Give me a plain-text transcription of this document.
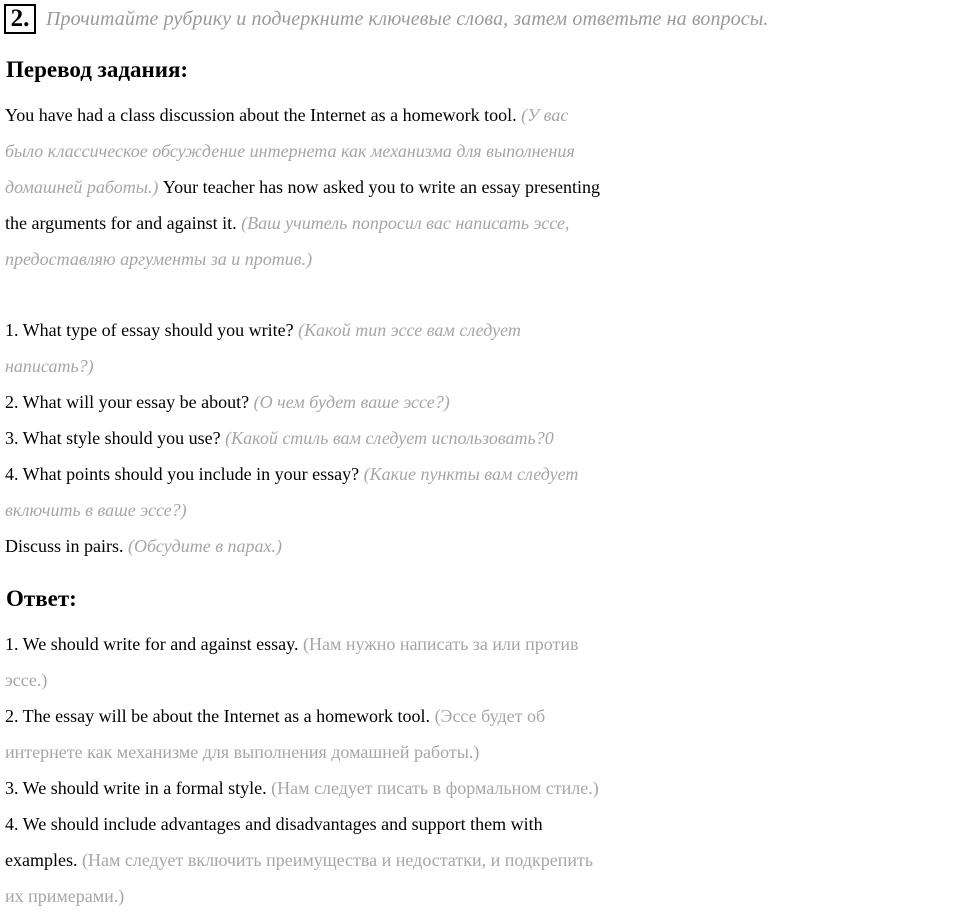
2. Прочитайте рубрику и подчеркните ключевые слова, затем ответьте на вопросы.
Перевод задания:
You have had a class discussion about the Internet as a homework tool. (У вас
было классическое обсуждение интернета как механизма для выполнения
домашней работы.) Your teacher has now asked you to write an essay presenting
the arguments for and against it. (Ваш учитель попросил вас написать эссе,
предоставляю аргументы за и против.)
1. What type of essay should you write? (Какой тип эссе вам следует
написать?)
2. What will your essay be about? (О чем будет ваше эссе?)
3. What style should you use? (Какой стиль вам следует использовать?0
4. What points should you include in your essay? (Какие пункты вам следует
включить в ваше эссе?)
Discuss in pairs. (Обсудите в парах.)
Ответ:
1. We should write for and against essay. (Нам нужно написать за или против
эссе.)
2. The essay will be about the Internet as a homework tool. (Эссе будет об
интернете как механизме для выполнения домашней работы.)
3. We should write in a formal style. (Нам следует писать в формальном стиле.)
4. We should include advantages and disadvantages and support them with
examples. (Нам следует включить преимущества и недостатки, и подкрепить
их примерами.)
